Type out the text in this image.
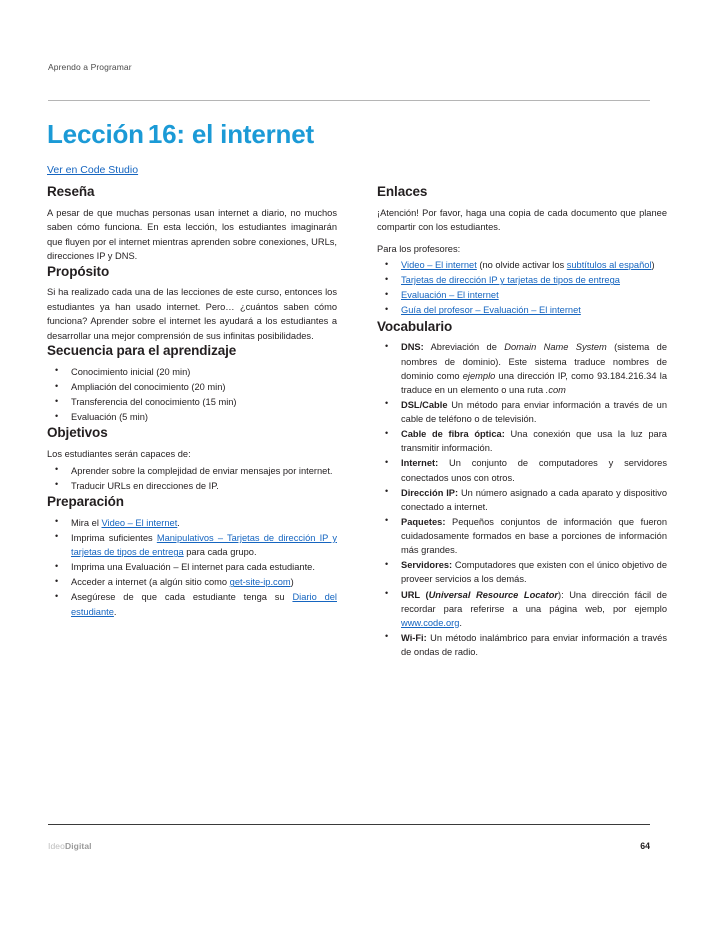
Aprendo a Programar
Lección 16: el internet
Ver en Code Studio
Reseña

A pesar de que muchas personas usan internet a diario, no muchos saben cómo funciona. En esta lección, los estudiantes imaginarán que fluyen por el internet mientras aprenden sobre conexiones, URLs, direcciones IP y DNS.

Propósito

Si ha realizado cada una de las lecciones de este curso, entonces los estudiantes ya han usado internet. Pero… ¿cuántos saben cómo funciona? Aprender sobre el internet les ayudará a los estudiantes a desarrollar una mejor comprensión de sus infinitas posibilidades.

Secuencia para el aprendizaje
• Conocimiento inicial (20 min)
• Ampliación del conocimiento (20 min)
• Transferencia del conocimiento (15 min)
• Evaluación (5 min)
Objetivos

Los estudiantes serán capaces de:

• Aprender sobre la complejidad de enviar mensajes por internet.
• Traducir URLs en direcciones de IP.
Preparación
• Mira el Video – El internet.
• Imprima suficientes Manipulativos – Tarjetas de dirección IP y tarjetas de tipos de entrega para cada grupo.
• Imprima una Evaluación – El internet para cada estudiante.
• Acceder a internet (a algún sitio como get-site-ip.com)
• Asegúrese de que cada estudiante tenga su Diario del estudiante.
Enlaces

¡Atención! Por favor, haga una copia de cada documento que planee compartir con los estudiantes.

Para los profesores:

• Video – El internet (no olvide activar los subtítulos al español)
• Tarjetas de dirección IP y tarjetas de tipos de entrega
• Evaluación – El internet
• Guía del profesor – Evaluación – El internet
Vocabulario
• DNS: Abreviación de Domain Name System (sistema de nombres de dominio). Este sistema traduce nombres de dominio como ejemplo una dirección IP, como 93.184.216.34 la traduce en un elemento o una ruta .com
• DSL/Cable Un método para enviar información a través de un cable de teléfono o de televisión.
• Cable de fibra óptica: Una conexión que usa la luz para transmitir información.
• Internet: Un conjunto de computadores y servidores conectados unos con otros.
• Dirección IP: Un número asignado a cada aparato y dispositivo conectado a internet.
• Paquetes: Pequeños conjuntos de información que fueron cuidadosamente formados en base a porciones de información más grandes.
• Servidores: Computadores que existen con el único objetivo de proveer servicios a los demás.
• URL (Universal Resource Locator): Una dirección fácil de recordar para referirse a una página web, por ejemplo www.code.org.
• Wi-Fi: Un método inalámbrico para enviar información a través de ondas de radio.
IdeoDigital	64
